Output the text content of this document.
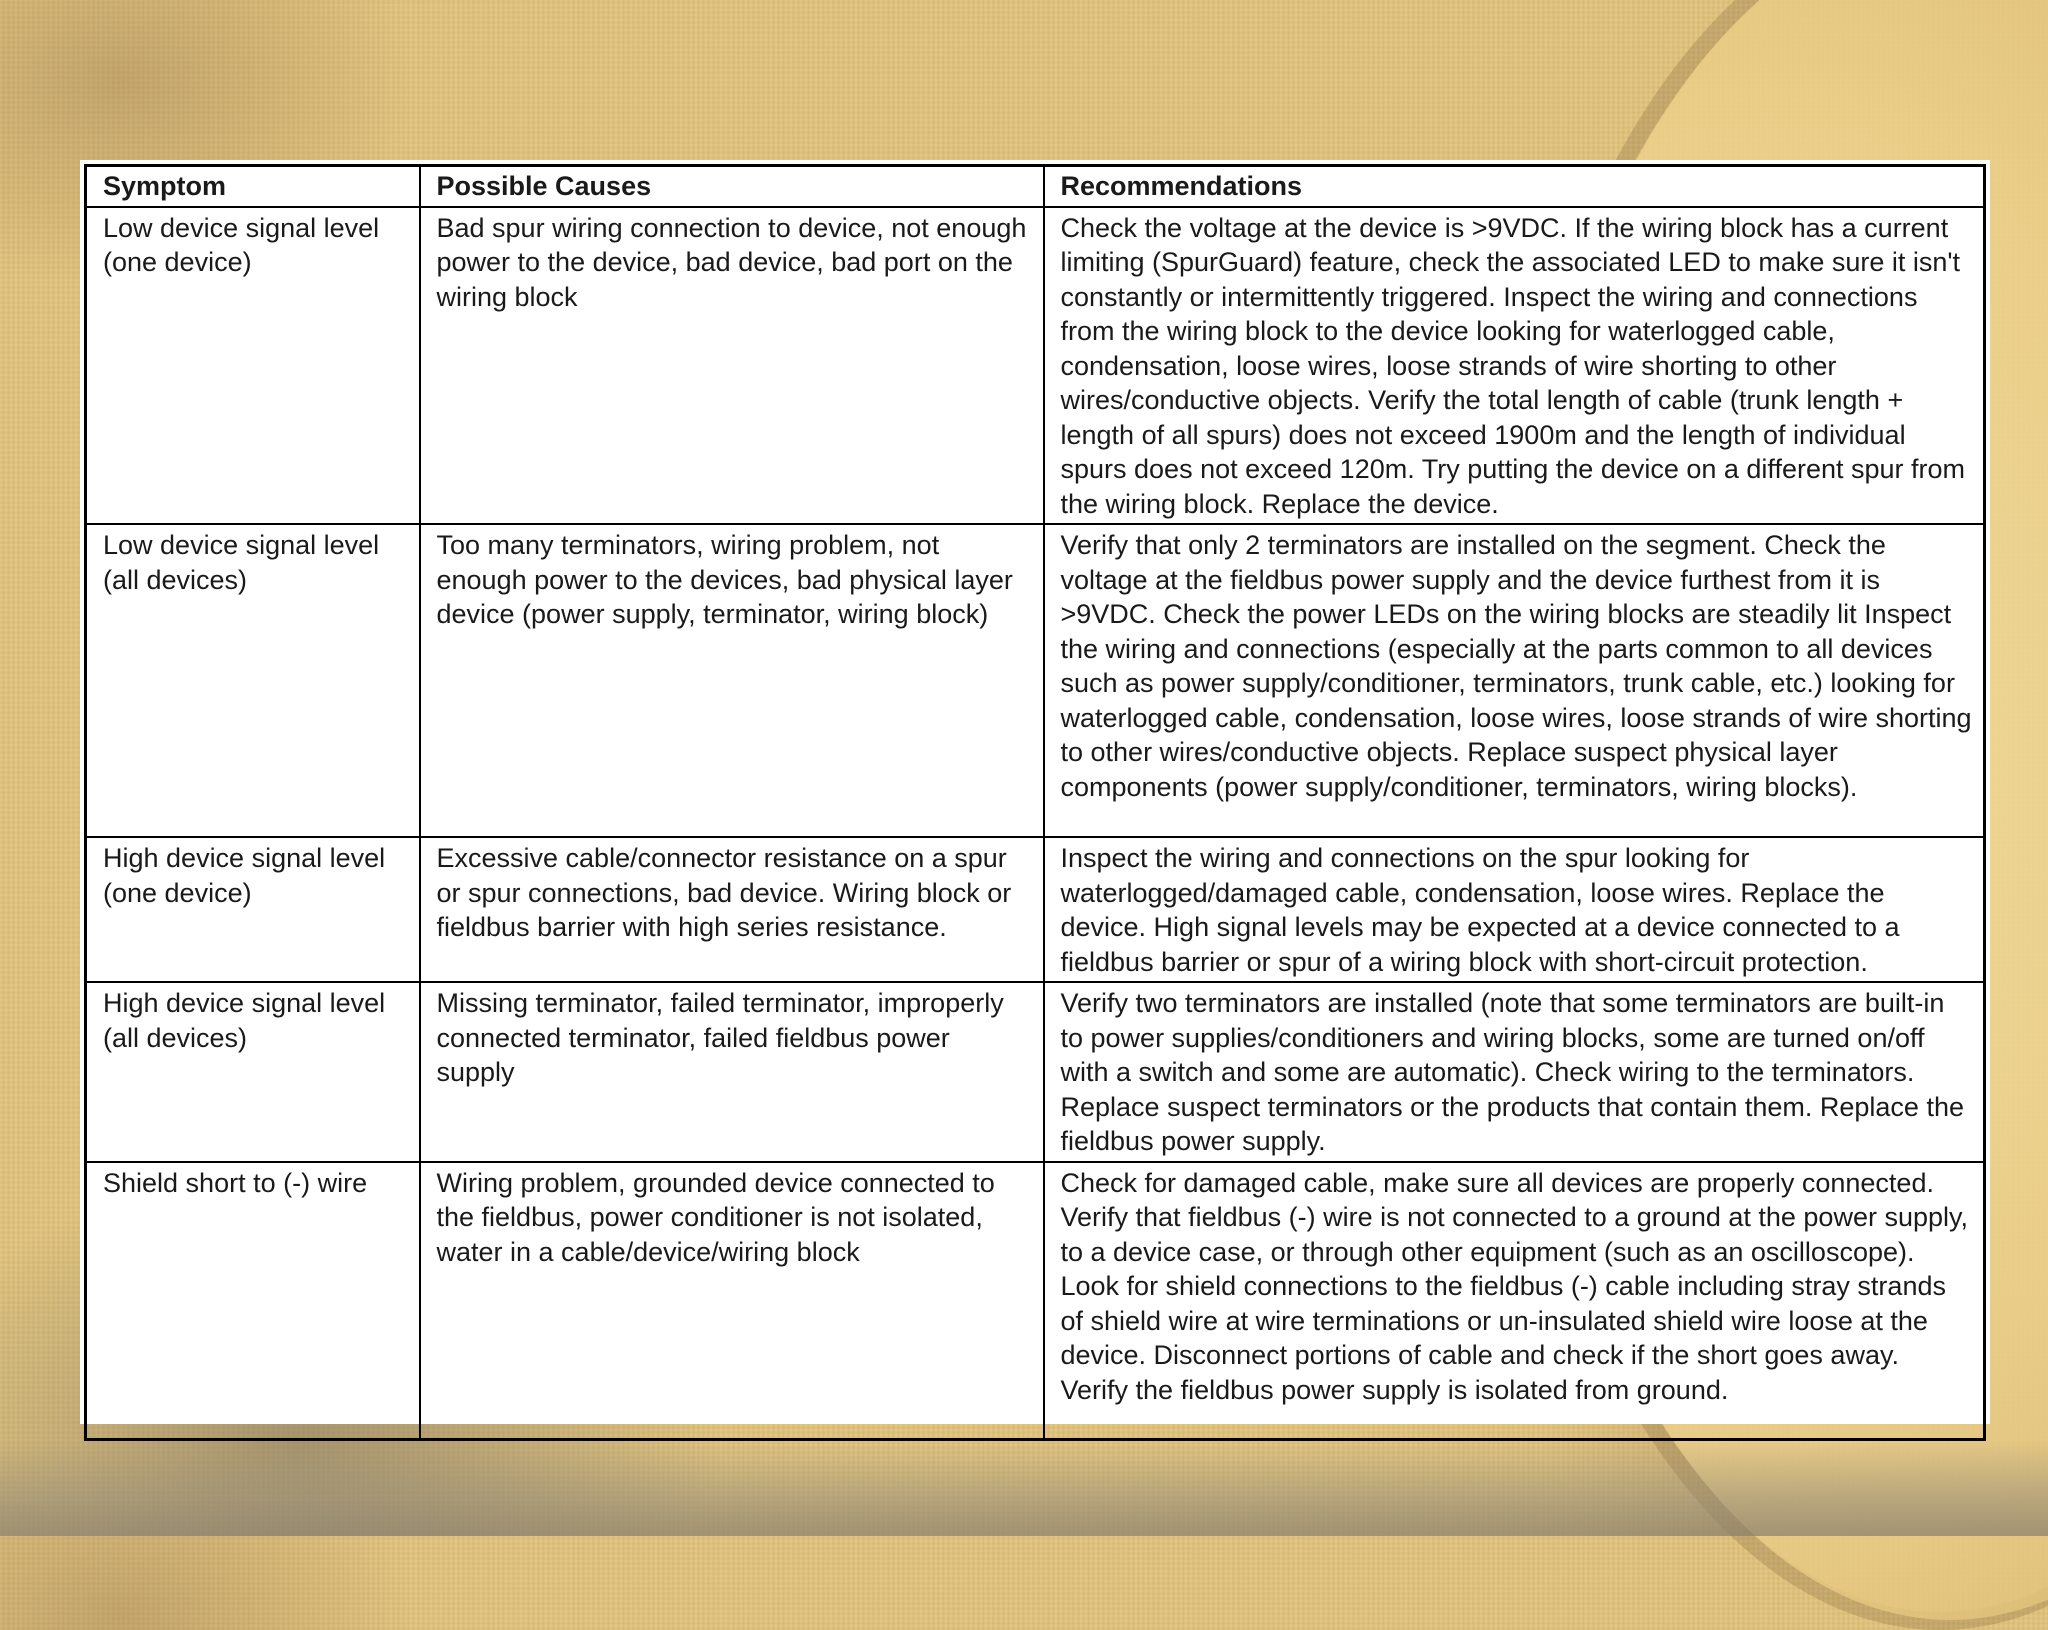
Symptom	Possible Causes	Recommendations
Low device signal level (one device)	Bad spur wiring connection to device, not enough power to the device, bad device, bad port on the wiring block	Check the voltage at the device is >9VDC. If the wiring block has a current limiting (SpurGuard) feature, check the associated LED to make sure it isn't constantly or intermittently triggered. Inspect the wiring and connections from the wiring block to the device looking for waterlogged cable, condensation, loose wires, loose strands of wire shorting to other wires/conductive objects. Verify the total length of cable (trunk length + length of all spurs) does not exceed 1900m and the length of individual spurs does not exceed 120m. Try putting the device on a different spur from the wiring block. Replace the device.
Low device signal level (all devices)	Too many terminators, wiring problem, not enough power to the devices, bad physical layer device (power supply, terminator, wiring block)	Verify that only 2 terminators are installed on the segment. Check the voltage at the fieldbus power supply and the device furthest from it is >9VDC. Check the power LEDs on the wiring blocks are steadily lit Inspect the wiring and connections (especially at the parts common to all devices such as power supply/conditioner, terminators, trunk cable, etc.) looking for waterlogged cable, condensation, loose wires, loose strands of wire shorting to other wires/conductive objects. Replace suspect physical layer components (power supply/conditioner, terminators, wiring blocks).
High device signal level (one device)	Excessive cable/connector resistance on a spur or spur connections, bad device. Wiring block or fieldbus barrier with high series resistance.	Inspect the wiring and connections on the spur looking for waterlogged/damaged cable, condensation, loose wires. Replace the device. High signal levels may be expected at a device connected to a fieldbus barrier or spur of a wiring block with short-circuit protection.
High device signal level (all devices)	Missing terminator, failed terminator, improperly connected terminator, failed fieldbus power supply	Verify two terminators are installed (note that some terminators are built-in to power supplies/conditioners and wiring blocks, some are turned on/off with a switch and some are automatic). Check wiring to the terminators. Replace suspect terminators or the products that contain them. Replace the fieldbus power supply.
Shield short to (-) wire	Wiring problem, grounded device connected to the fieldbus, power conditioner is not isolated, water in a cable/device/wiring block	Check for damaged cable, make sure all devices are properly connected. Verify that fieldbus (-) wire is not connected to a ground at the power supply, to a device case, or through other equipment (such as an oscilloscope). Look for shield connections to the fieldbus (-) cable including stray strands of shield wire at wire terminations or un-insulated shield wire loose at the device. Disconnect portions of cable and check if the short goes away. Verify the fieldbus power supply is isolated from ground.
